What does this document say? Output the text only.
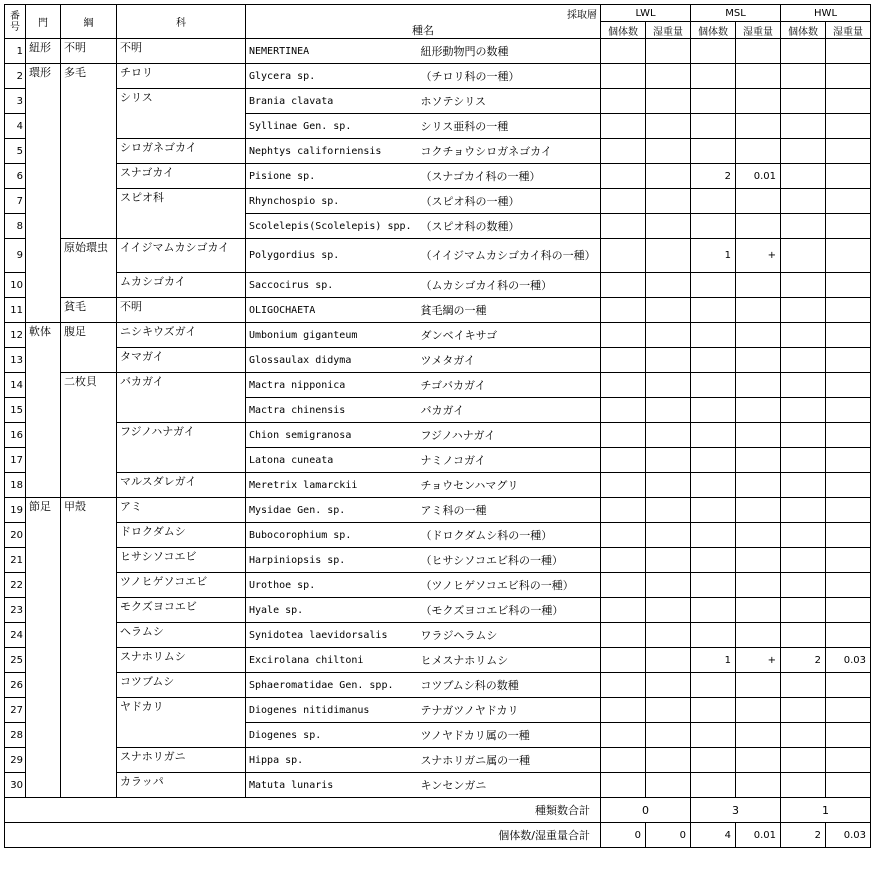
番号	門	綱	科	採取層
種名		LWL		MSL		HWL	
						個体数	湿重量	個体数	湿重量	個体数	湿重量
1	紐形	不明	不明	NEMERTINEA	紐形動物門の数種						
2	環形	多毛	チロリ	Glycera sp.	（チロリ科の一種）						
3			シリス	Brania clavata	ホソテシリス						
4				Syllinae Gen. sp.	シリス亜科の一種						
5			シロガネゴカイ	Nephtys californiensis	コクチョウシロガネゴカイ						
6			スナゴカイ	Pisione sp.	（スナゴカイ科の一種）			2	0.01		
7			スピオ科	Rhynchospio sp.	（スピオ科の一種）						
8				Scolelepis(Scolelepis) spp.	（スピオ科の数種）						
9		原始環虫	イイジマムカシゴカイ	Polygordius sp.	（イイジマムカシゴカイ科の一種）			1	+		
10			ムカシゴカイ	Saccocirus sp.	（ムカシゴカイ科の一種）						
11		貧毛	不明	OLIGOCHAETA	貧毛綱の一種						
12	軟体	腹足	ニシキウズガイ	Umbonium giganteum	ダンベイキサゴ						
13			タマガイ	Glossaulax didyma	ツメタガイ						
14		二枚貝	バカガイ	Mactra nipponica	チゴバカガイ						
15				Mactra chinensis	バカガイ						
16			フジノハナガイ	Chion semigranosa	フジノハナガイ						
17				Latona cuneata	ナミノコガイ						
18			マルスダレガイ	Meretrix lamarckii	チョウセンハマグリ						
19	節足	甲殻	アミ	Mysidae Gen. sp.	アミ科の一種						
20			ドロクダムシ	Bubocorophium sp.	（ドロクダムシ科の一種）						
21			ヒサシソコエビ	Harpiniopsis sp.	（ヒサシソコエビ科の一種）						
22			ツノヒゲソコエビ	Urothoe sp.	（ツノヒゲソコエビ科の一種）						
23			モクズヨコエビ	Hyale sp.	（モクズヨコエビ科の一種）						
24			ヘラムシ	Synidotea laevidorsalis	ワラジヘラムシ						
25			スナホリムシ	Excirolana chiltoni	ヒメスナホリムシ			1	+	2	0.03
26			コツブムシ	Sphaeromatidae Gen. spp.	コツブムシ科の数種						
27			ヤドカリ	Diogenes nitidimanus	テナガツノヤドカリ						
28				Diogenes sp.	ツノヤドカリ属の一種						
29			スナホリガニ	Hippa sp.	スナホリガニ属の一種						
30			カラッパ	Matuta lunaris	キンセンガニ						
種類数合計						0		3		1	
個体数/湿重量合計						0	0	4	0.01	2	0.03
